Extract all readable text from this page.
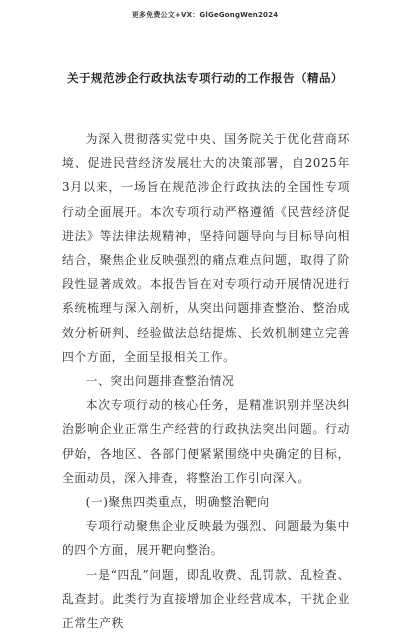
更多免费公文+VX：GlGeGongWen2024
关于规范涉企行政执法专项行动的工作报告（精品）

为深入贯彻落实党中央、国务院关于优化营商环境、促进民营经济发展壮大的决策部署，自2025年3月以来，一场旨在规范涉企行政执法的全国性专项行动全面展开。本次专项行动严格遵循《民营经济促进法》等法律法规精神，坚持问题导向与目标导向相结合，聚焦企业反映强烈的痛点难点问题，取得了阶段性显著成效。本报告旨在对专项行动开展情况进行系统梳理与深入剖析，从突出问题排查整治、整治成效分析研判、经验做法总结提炼、长效机制建立完善四个方面，全面呈报相关工作。

一、突出问题排查整治情况

本次专项行动的核心任务，是精准识别并坚决纠治影响企业正常生产经营的行政执法突出问题。行动伊始，各地区、各部门便紧紧围绕中央确定的目标，全面动员，深入排查，将整治工作引向深入。

(一)聚焦四类重点，明确整治靶向

专项行动聚焦企业反映最为强烈、问题最为集中的四个方面，展开靶向整治。

一是“四乱”问题，即乱收费、乱罚款、乱检查、乱查封。此类行为直接增加企业经营成本，干扰企业正常生产秩
